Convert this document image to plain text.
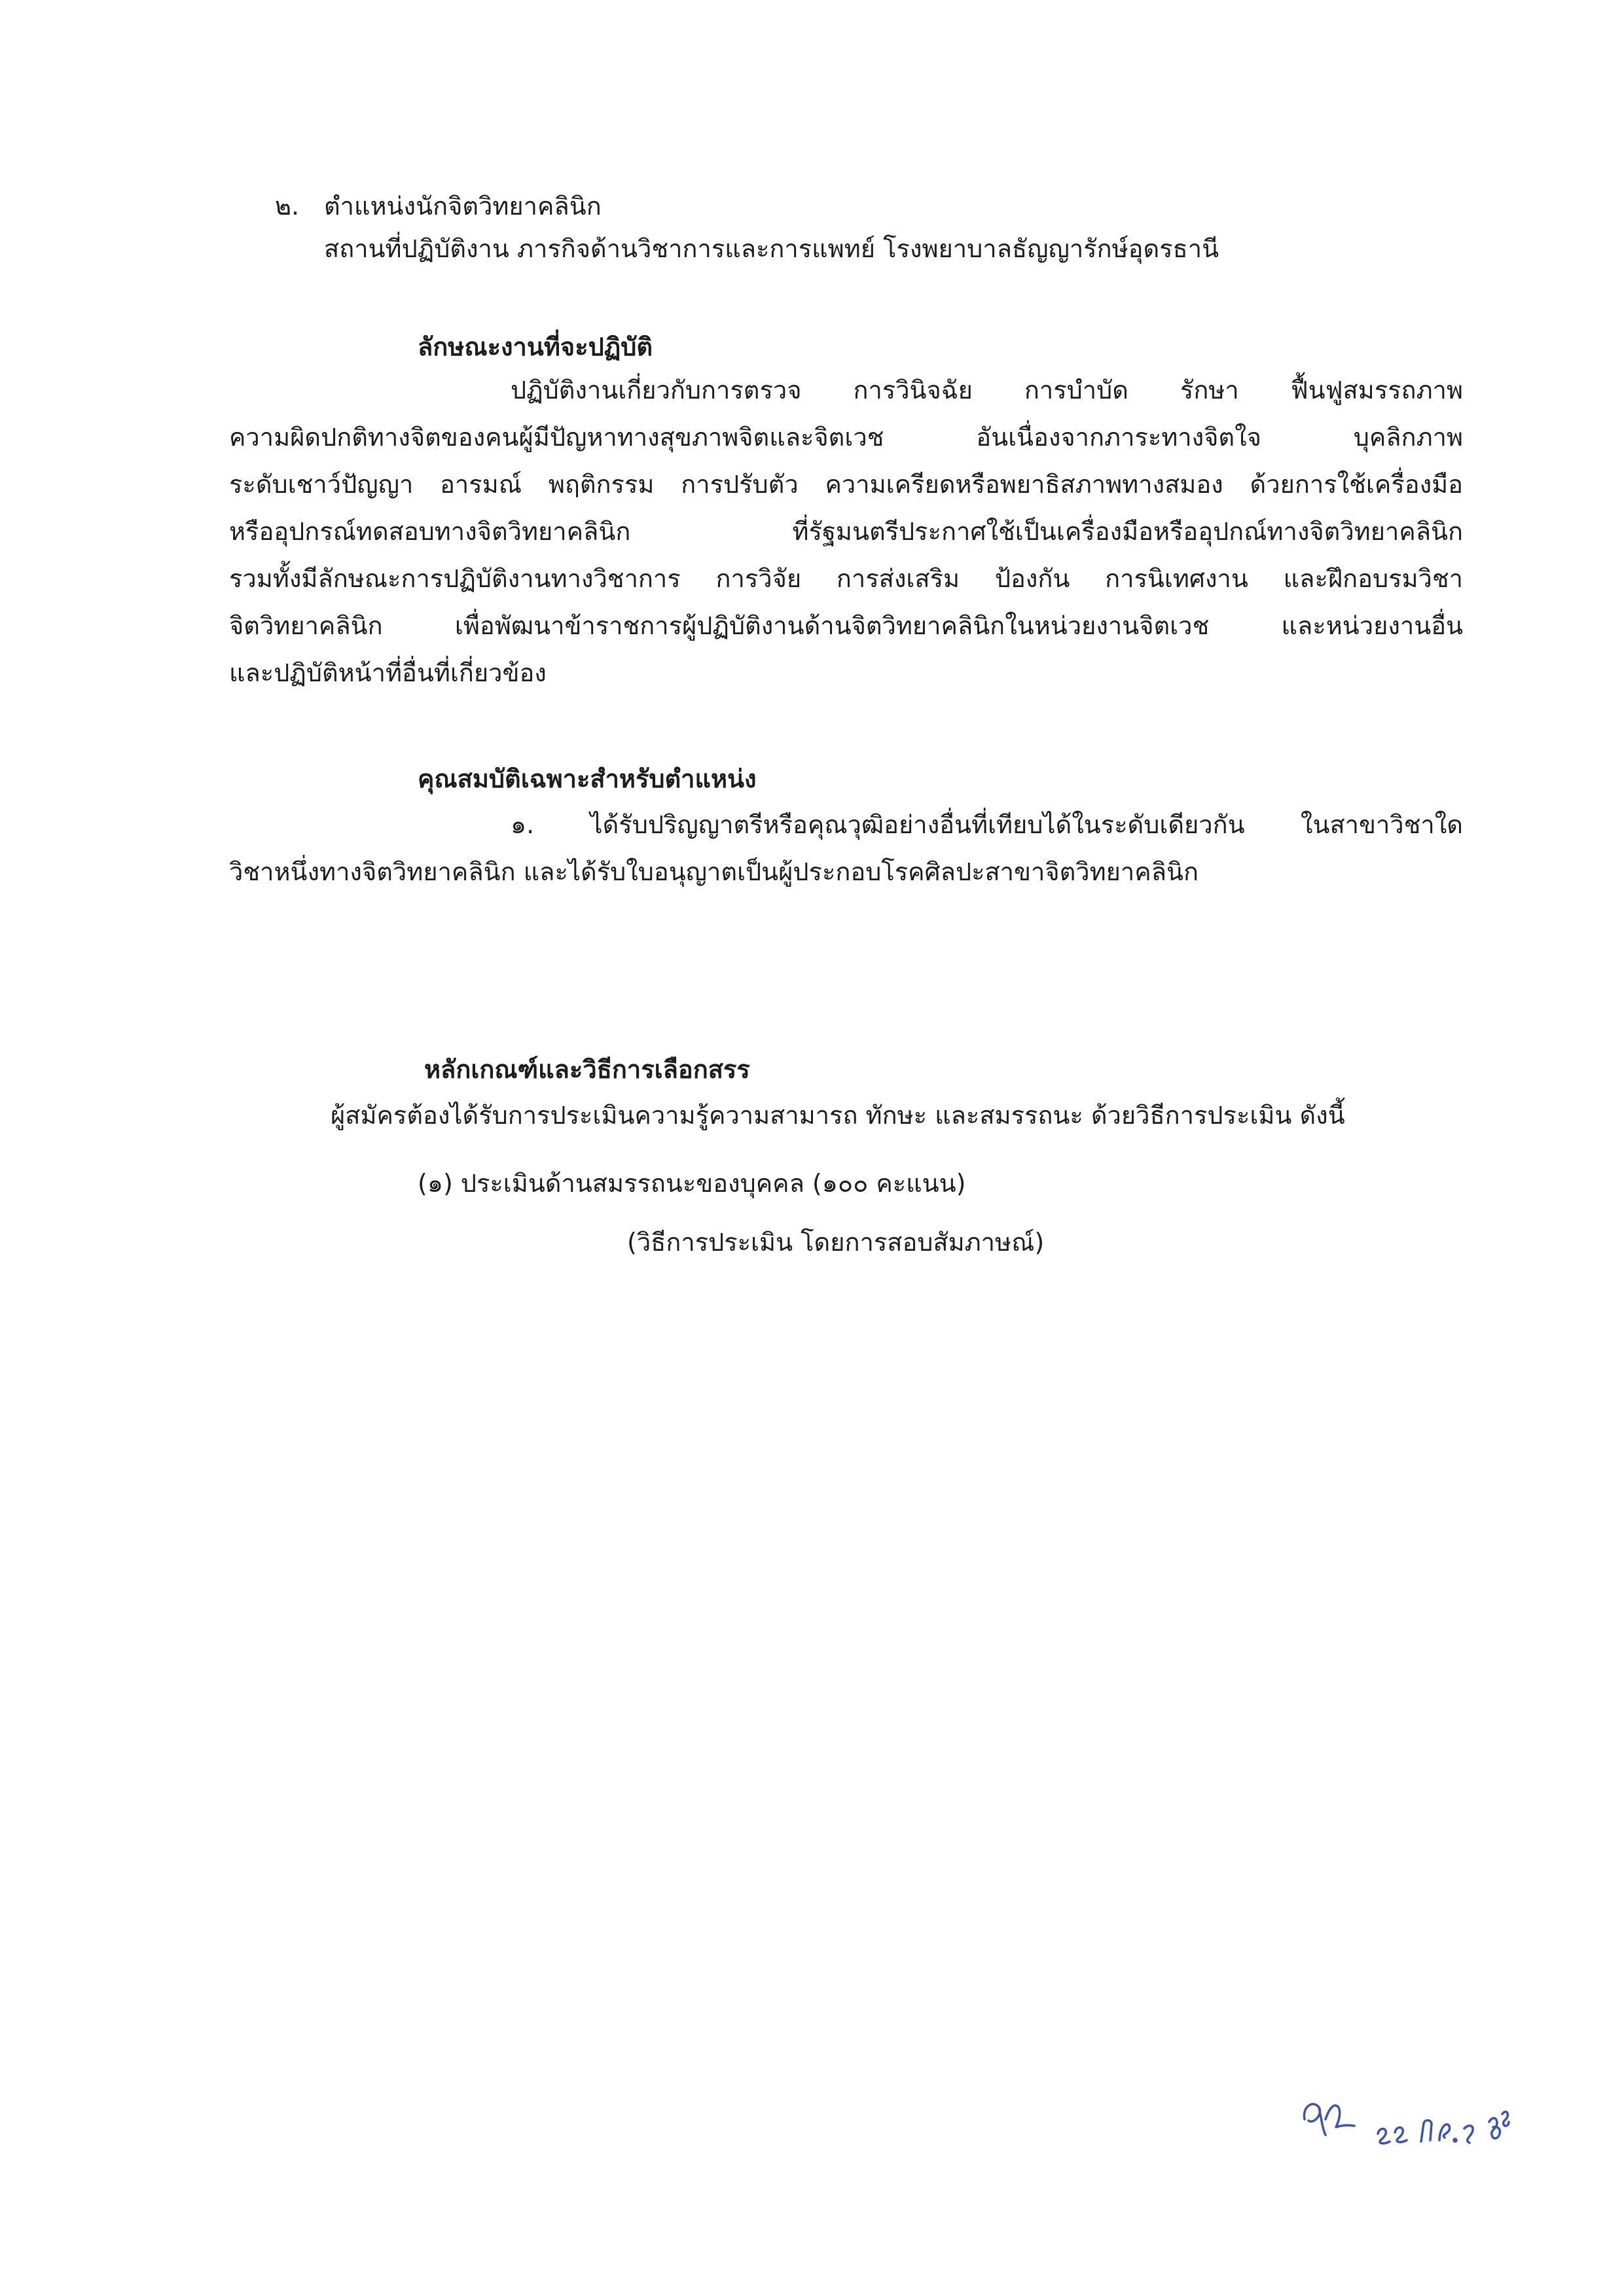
๒. ตำแหน่งนักจิตวิทยาคลินิก
สถานที่ปฏิบัติงาน ภารกิจด้านวิชาการและการแพทย์ โรงพยาบาลธัญญารักษ์อุดรธานี
ลักษณะงานที่จะปฏิบัติ
ปฏิบัติงานเกี่ยวกับการตรวจ การวินิจฉัย การบำบัด รักษา ฟื้นฟูสมรรถภาพ
ความผิดปกติทางจิตของคนผู้มีปัญหาทางสุขภาพจิตและจิตเวช อันเนื่องจากภาระทางจิตใจ บุคลิกภาพ
ระดับเชาว์ปัญญา อารมณ์ พฤติกรรม การปรับตัว ความเครียดหรือพยาธิสภาพทางสมอง ด้วยการใช้เครื่องมือ
หรืออุปกรณ์ทดสอบทางจิตวิทยาคลินิก ที่รัฐมนตรีประกาศใช้เป็นเครื่องมือหรืออุปกณ์ทางจิตวิทยาคลินิก
รวมทั้งมีลักษณะการปฏิบัติงานทางวิชาการ การวิจัย การส่งเสริม ป้องกัน การนิเทศงาน และฝึกอบรมวิชา
จิตวิทยาคลินิก เพื่อพัฒนาข้าราชการผู้ปฏิบัติงานด้านจิตวิทยาคลินิกในหน่วยงานจิตเวช และหน่วยงานอื่น
และปฏิบัติหน้าที่อื่นที่เกี่ยวข้อง
คุณสมบัติเฉพาะสำหรับตำแหน่ง
๑. ได้รับปริญญาตรีหรือคุณวุฒิอย่างอื่นที่เทียบได้ในระดับเดียวกัน ในสาขาวิชาใด
วิชาหนึ่งทางจิตวิทยาคลินิก และได้รับใบอนุญาตเป็นผู้ประกอบโรคศิลปะสาขาจิตวิทยาคลินิก
หลักเกณฑ์และวิธีการเลือกสรร
ผู้สมัครต้องได้รับการประเมินความรู้ความสามารถ ทักษะ และสมรรถนะ ด้วยวิธีการประเมิน ดังนี้
(๑) ประเมินด้านสมรรถนะของบุคคล (๑๐๐ คะแนน)
(วิธีการประเมิน โดยการสอบสัมภาษณ์)
